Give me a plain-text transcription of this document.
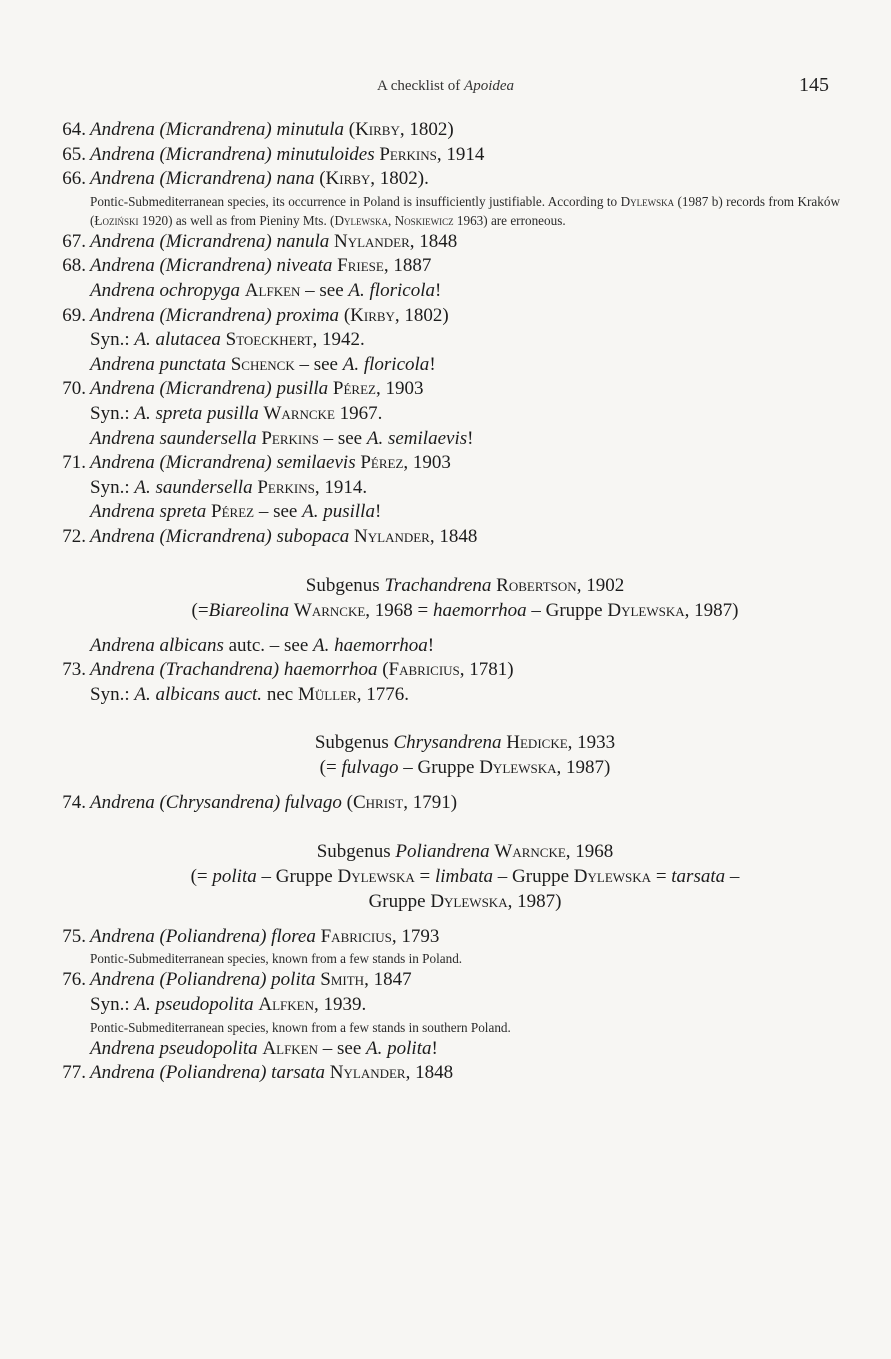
A checklist of Apoidea	145
64. Andrena (Micrandrena) minutula (Kirby, 1802)
65. Andrena (Micrandrena) minutuloides Perkins, 1914
66. Andrena (Micrandrena) nana (Kirby, 1802).
Pontic-Submediterranean species, its occurrence in Poland is insufficiently justifiable. According to Dylewska (1987 b) records from Kraków (Łoziński 1920) as well as from Pieniny Mts. (Dylewska, Noskiewicz 1963) are erroneous.
67. Andrena (Micrandrena) nanula Nylander, 1848
68. Andrena (Micrandrena) niveata Friese, 1887
Andrena ochropyga Alfken – see A. floricola!
69. Andrena (Micrandrena) proxima (Kirby, 1802)
Syn.: A. alutacea Stoeckhert, 1942.
Andrena punctata Schenck – see A. floricola!
70. Andrena (Micrandrena) pusilla Pérez, 1903
Syn.: A. spreta pusilla Warncke 1967.
Andrena saundersella Perkins – see A. semilaevis!
71. Andrena (Micrandrena) semilaevis Pérez, 1903
Syn.: A. saundersella Perkins, 1914.
Andrena spreta Pérez – see A. pusilla!
72. Andrena (Micrandrena) subopaca Nylander, 1848
Subgenus Trachandrena Robertson, 1902
(=Biareolina Warncke, 1968 = haemorrhoa – Gruppe Dylewska, 1987)
Andrena albicans autc. – see A. haemorrhoa!
73. Andrena (Trachandrena) haemorrhoa (Fabricius, 1781)
Syn.: A. albicans auct. nec Müller, 1776.
Subgenus Chrysandrena Hedicke, 1933
(= fulvago – Gruppe Dylewska, 1987)
74. Andrena (Chrysandrena) fulvago (Christ, 1791)
Subgenus Poliandrena Warncke, 1968
(= polita – Gruppe Dylewska = limbata – Gruppe Dylewska = tarsata –
Gruppe Dylewska, 1987)
75. Andrena (Poliandrena) florea Fabricius, 1793
Pontic-Submediterranean species, known from a few stands in Poland.
76. Andrena (Poliandrena) polita Smith, 1847
Syn.: A. pseudopolita Alfken, 1939.
Pontic-Submediterranean species, known from a few stands in southern Poland.
Andrena pseudopolita Alfken – see A. polita!
77. Andrena (Poliandrena) tarsata Nylander, 1848
